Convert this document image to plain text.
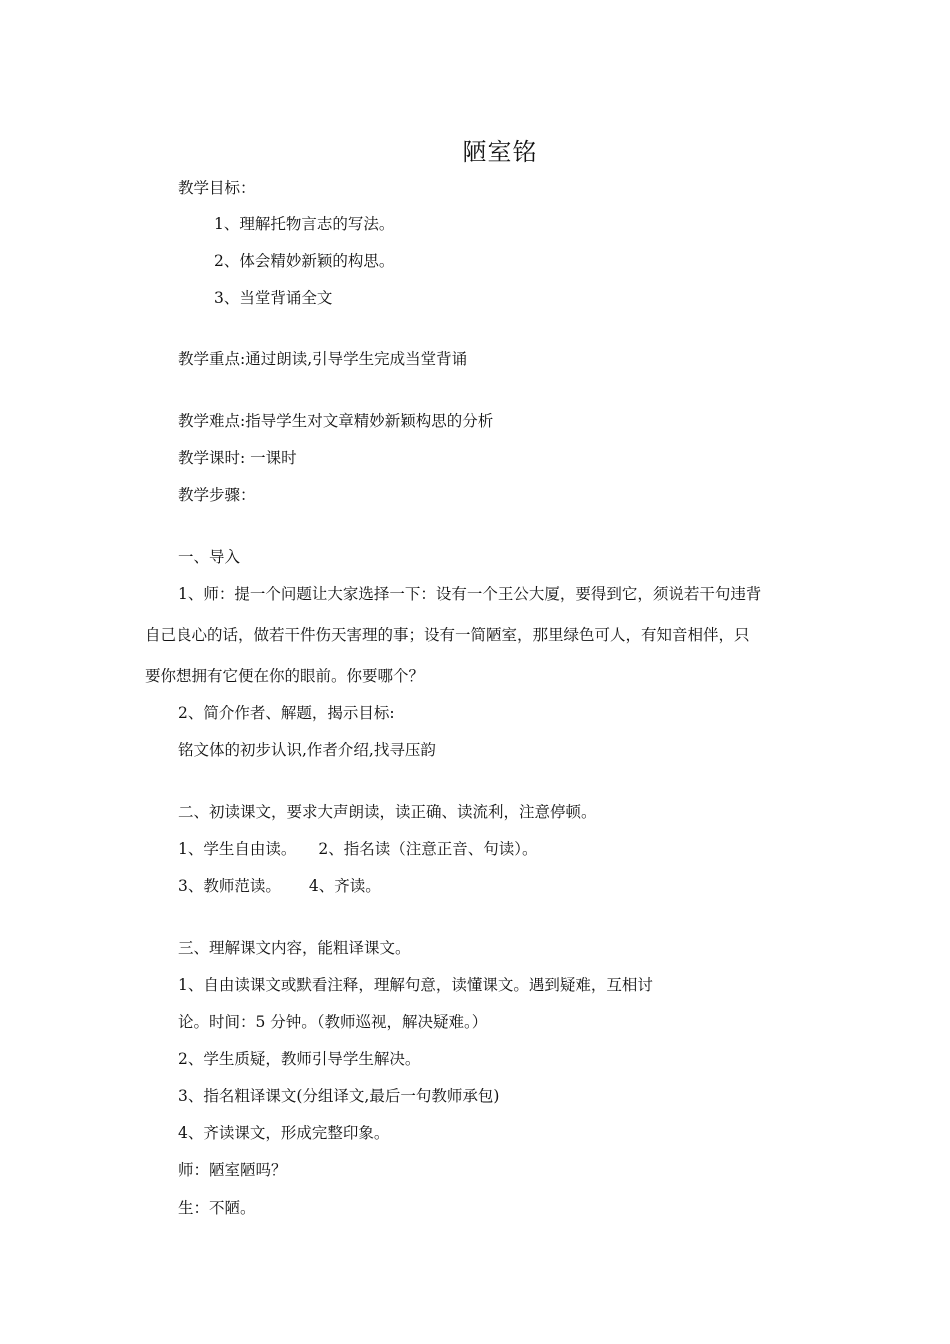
陋室铭
教学目标：
1、理解托物言志的写法。
2、体会精妙新颖的构思。
3、当堂背诵全文
教学重点:通过朗读,引导学生完成当堂背诵
教学难点:指导学生对文章精妙新颖构思的分析
教学课时: 一课时
教学步骤：
一、导入
1、师：提一个问题让大家选择一下：设有一个王公大厦，要得到它，须说若干句违背
自己良心的话，做若干件伤天害理的事；设有一简陋室，那里绿色可人，有知音相伴，只
要你想拥有它便在你的眼前。你要哪个？
2、简介作者、解题，揭示目标:
铭文体的初步认识,作者介绍,找寻压韵
二、初读课文，要求大声朗读，读正确、读流利，注意停顿。
1、学生自由读。 2、指名读（注意正音、句读）。
3、教师范读。 4、齐读。
三、理解课文内容，能粗译课文。
1、自由读课文或默看注释，理解句意，读懂课文。遇到疑难，互相讨
论。时间：5 分钟。（教师巡视，解决疑难。）
2、学生质疑，教师引导学生解决。
3、指名粗译课文(分组译文,最后一句教师承包)
4、齐读课文，形成完整印象。
师：陋室陋吗？
生：不陋。
